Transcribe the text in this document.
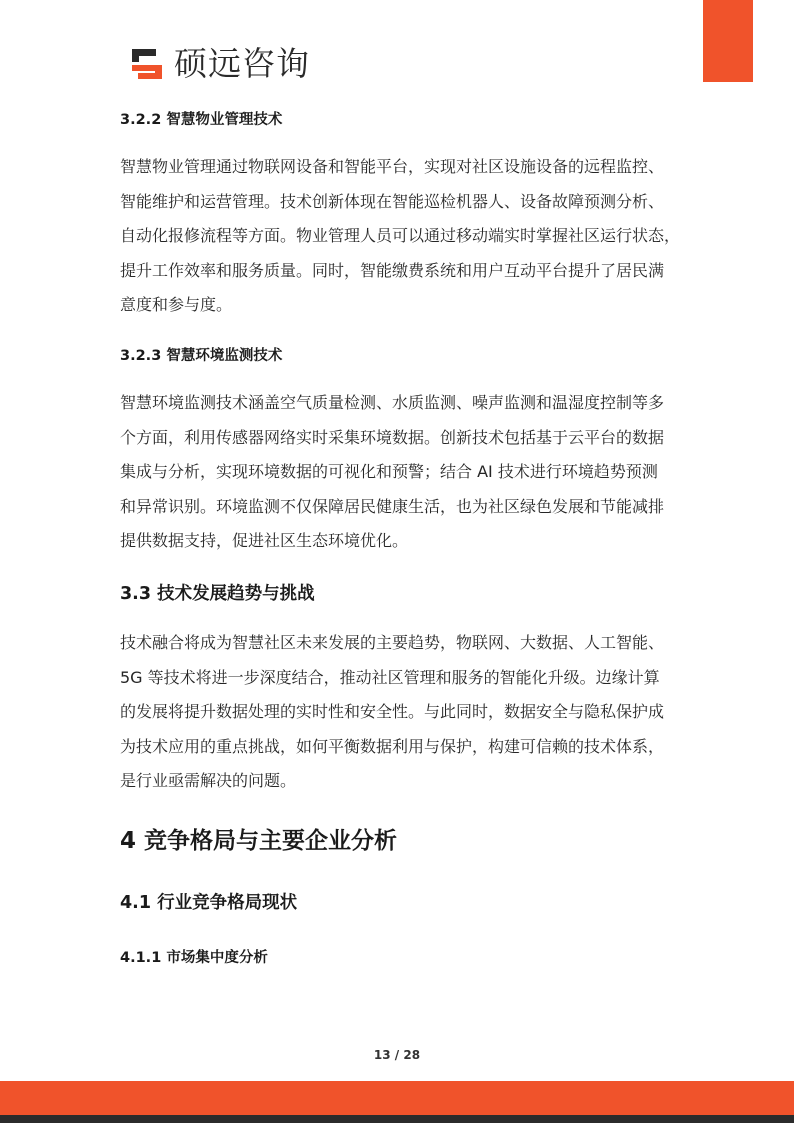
硕远咨询
3.2.2 智慧物业管理技术
智慧物业管理通过物联网设备和智能平台，实现对社区设施设备的远程监控、
智能维护和运营管理。技术创新体现在智能巡检机器人、设备故障预测分析、
自动化报修流程等方面。物业管理人员可以通过移动端实时掌握社区运行状态，
提升工作效率和服务质量。同时，智能缴费系统和用户互动平台提升了居民满
意度和参与度。
3.2.3 智慧环境监测技术
智慧环境监测技术涵盖空气质量检测、水质监测、噪声监测和温湿度控制等多
个方面，利用传感器网络实时采集环境数据。创新技术包括基于云平台的数据
集成与分析，实现环境数据的可视化和预警；结合 AI 技术进行环境趋势预测
和异常识别。环境监测不仅保障居民健康生活，也为社区绿色发展和节能减排
提供数据支持，促进社区生态环境优化。
3.3 技术发展趋势与挑战
技术融合将成为智慧社区未来发展的主要趋势，物联网、大数据、人工智能、
5G 等技术将进一步深度结合，推动社区管理和服务的智能化升级。边缘计算
的发展将提升数据处理的实时性和安全性。与此同时，数据安全与隐私保护成
为技术应用的重点挑战，如何平衡数据利用与保护，构建可信赖的技术体系，
是行业亟需解决的问题。
4 竞争格局与主要企业分析
4.1 行业竞争格局现状
4.1.1 市场集中度分析
13 / 28
